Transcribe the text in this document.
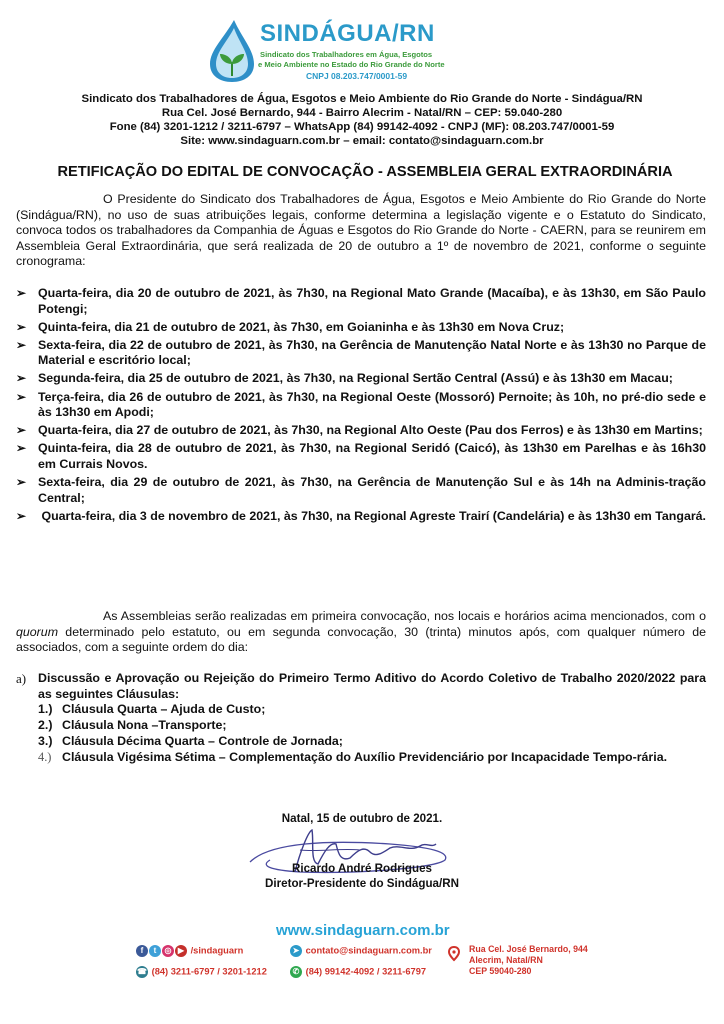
SINDÁGUA/RN
Sindicato dos Trabalhadores em Água, Esgotos
e Meio Ambiente no Estado do Rio Grande do Norte
CNPJ 08.203.747/0001-59
Sindicato dos Trabalhadores de Água, Esgotos e Meio Ambiente do Rio Grande do Norte - Sindágua/RN
Rua Cel. José Bernardo, 944 - Bairro Alecrim - Natal/RN – CEP: 59.040-280
Fone (84) 3201-1212 / 3211-6797 – WhatsApp (84) 99142-4092 - CNPJ (MF): 08.203.747/0001-59
Site: www.sindaguarn.com.br – email: contato@sindaguarn.com.br
RETIFICAÇÃO DO EDITAL DE CONVOCAÇÃO - ASSEMBLEIA GERAL EXTRAORDINÁRIA

O Presidente do Sindicato dos Trabalhadores de Água, Esgotos e Meio Ambiente do Rio Grande do Norte (Sindágua/RN), no uso de suas atribuições legais, conforme determina a legislação vigente e o Estatuto do Sindicato, convoca todos os trabalhadores da Companhia de Águas e Esgotos do Rio Grande do Norte - CAERN, para se reunirem em Assembleia Geral Extraordinária, que será realizada de 20 de outubro a 1º de novembro de 2021, conforme o seguinte cronograma:

➢ Quarta-feira, dia 20 de outubro de 2021, às 7h30, na Regional Mato Grande (Macaíba), e às 13h30, em São Paulo Potengi;
➢ Quinta-feira, dia 21 de outubro de 2021, às 7h30, em Goianinha e às 13h30 em Nova Cruz;
➢ Sexta-feira, dia 22 de outubro de 2021, às 7h30, na Gerência de Manutenção Natal Norte e às 13h30 no Parque de Material e escritório local;
➢ Segunda-feira, dia 25 de outubro de 2021, às 7h30, na Regional Sertão Central (Assú) e às 13h30 em Macau;
➢ Terça-feira, dia 26 de outubro de 2021, às 7h30, na Regional Oeste (Mossoró) Pernoite; às 10h, no pré-dio sede e às 13h30 em Apodi;
➢ Quarta-feira, dia 27 de outubro de 2021, às 7h30, na Regional Alto Oeste (Pau dos Ferros) e às 13h30 em Martins;
➢ Quinta-feira, dia 28 de outubro de 2021, às 7h30, na Regional Seridó (Caicó), às 13h30 em Parelhas e às 16h30 em Currais Novos.
➢ Sexta-feira, dia 29 de outubro de 2021, às 7h30, na Gerência de Manutenção Sul e às 14h na Adminis-tração Central;
➢ Quarta-feira, dia 3 de novembro de 2021, às 7h30, na Regional Agreste Trairí (Candelária) e às 13h30 em Tangará.

As Assembleias serão realizadas em primeira convocação, nos locais e horários acima mencionados, com o quorum determinado pelo estatuto, ou em segunda convocação, 30 (trinta) minutos após, com qualquer número de associados, com a seguinte ordem do dia:

a) Discussão e Aprovação ou Rejeição do Primeiro Termo Aditivo do Acordo Coletivo de Trabalho 2020/2022 para as seguintes Cláusulas:
1.) Cláusula Quarta – Ajuda de Custo;
2.) Cláusula Nona –Transporte;
3.) Cláusula Décima Quarta – Controle de Jornada;
4.) Cláusula Vigésima Sétima – Complementação do Auxílio Previdenciário por Incapacidade Tempo-rária.
Natal, 15 de outubro de 2021.
Ricardo André Rodrigues
Diretor-Presidente do Sindágua/RN
www.sindaguarn.com.br
f t ◎ ▶ /sindaguarn
☎ (84) 3211-6797 / 3201-1212
➤ contato@sindaguarn.com.br
✆ (84) 99142-4092 / 3211-6797
Rua Cel. José Bernardo, 944
Alecrim, Natal/RN
CEP 59040-280
